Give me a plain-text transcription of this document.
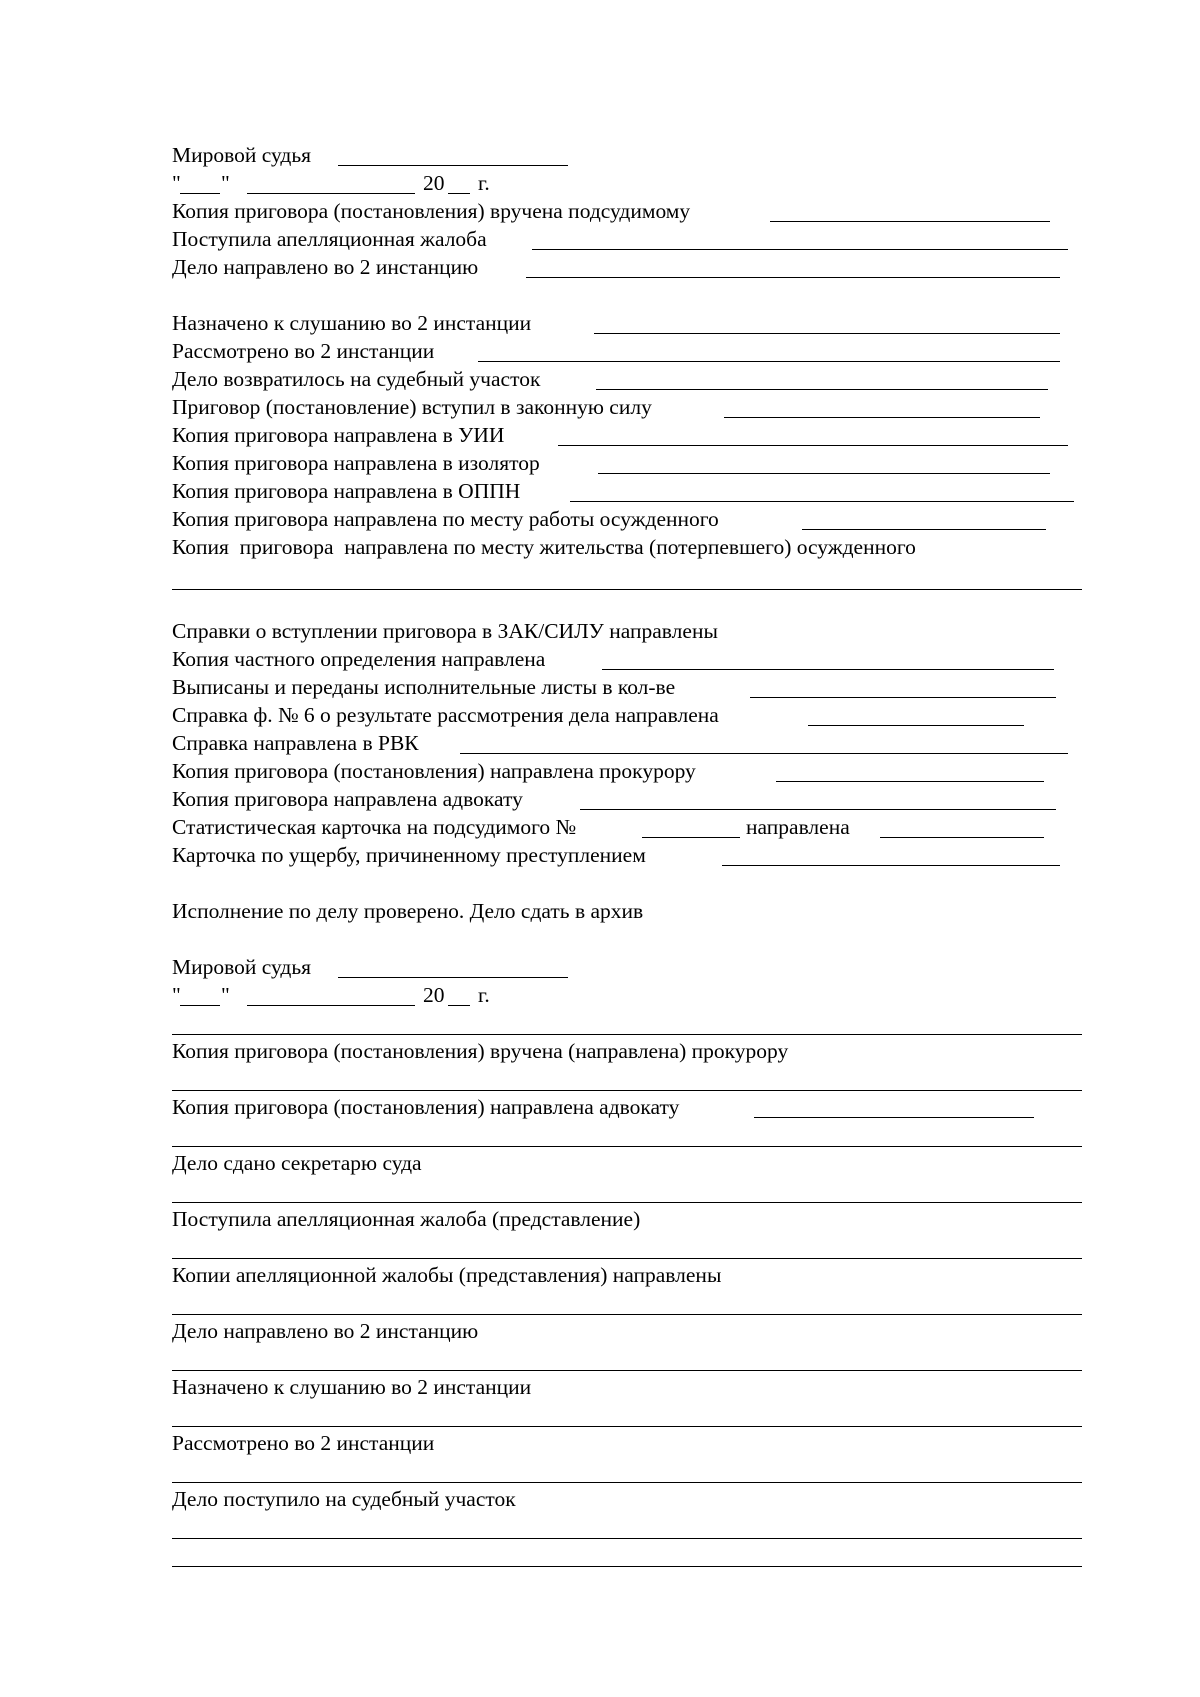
Мировой судья
" "	20 г.
Копия приговора (постановления) вручена подсудимому
Поступила апелляционная жалоба
Дело направлено во 2 инстанцию
Назначено к слушанию во 2 инстанции
Рассмотрено во 2 инстанции
Дело возвратилось на судебный участок
Приговор (постановление) вступил в законную силу
Копия приговора направлена в УИИ
Копия приговора направлена в изолятор
Копия приговора направлена в ОППН
Копия приговора направлена по месту работы осужденного
Копия  приговора  направлена по месту жительства (потерпевшего) осужденного
Справки о вступлении приговора в ЗАК/СИЛУ направлены
Копия частного определения направлена
Выписаны и переданы исполнительные листы в кол-ве
Справка ф. № 6 о результате рассмотрения дела направлена
Справка направлена в РВК
Копия приговора (постановления) направлена прокурору
Копия приговора направлена адвокату
Статистическая карточка на подсудимого №	направлена
Карточка по ущербу, причиненному преступлением
Исполнение по делу проверено. Дело сдать в архив
Мировой судья
" "	20 г.
Копия приговора (постановления) вручена (направлена) прокурору
Копия приговора (постановления) направлена адвокату
Дело сдано секретарю суда
Поступила апелляционная жалоба (представление)
Копии апелляционной жалобы (представления) направлены
Дело направлено во 2 инстанцию
Назначено к слушанию во 2 инстанции
Рассмотрено во 2 инстанции
Дело поступило на судебный участок
